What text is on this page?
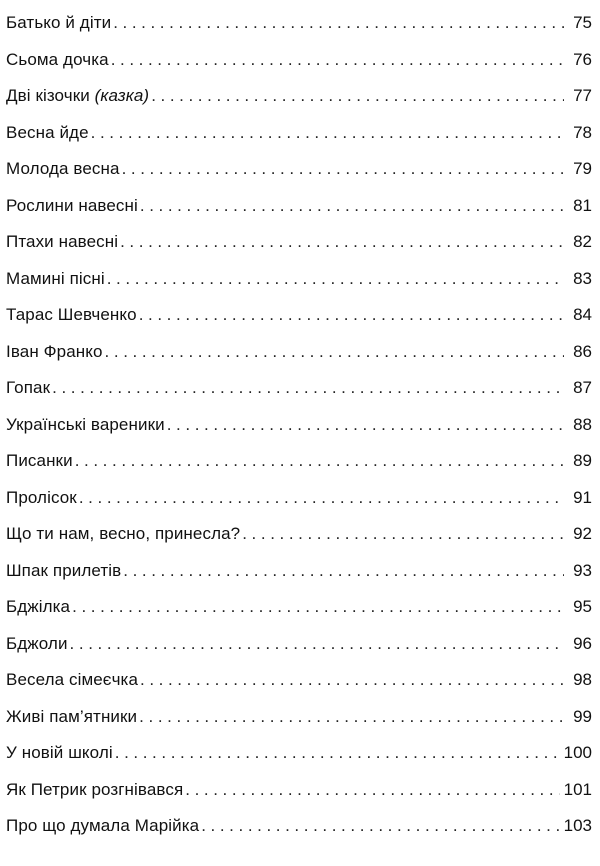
Батько й діти .....	75
Сьома дочка .....	76
Дві кізочки (казка) .....	77
Весна йде .....	78
Молода весна .....	79
Рослини навесні .....	81
Птахи навесні .....	82
Мамині пісні .....	83
Тарас Шевченко .....	84
Іван Франко .....	86
Гопак .....	87
Українські вареники .....	88
Писанки .....	89
Пролісок .....	91
Що ти нам, весно, принесла? .....	92
Шпак прилетів .....	93
Бджілка .....	95
Бджоли .....	96
Весела сімеєчка .....	98
Живі пам’ятники .....	99
У новій школі .....	100
Як Петрик розгнівався .....	101
Про що думала Марійка .....	103
